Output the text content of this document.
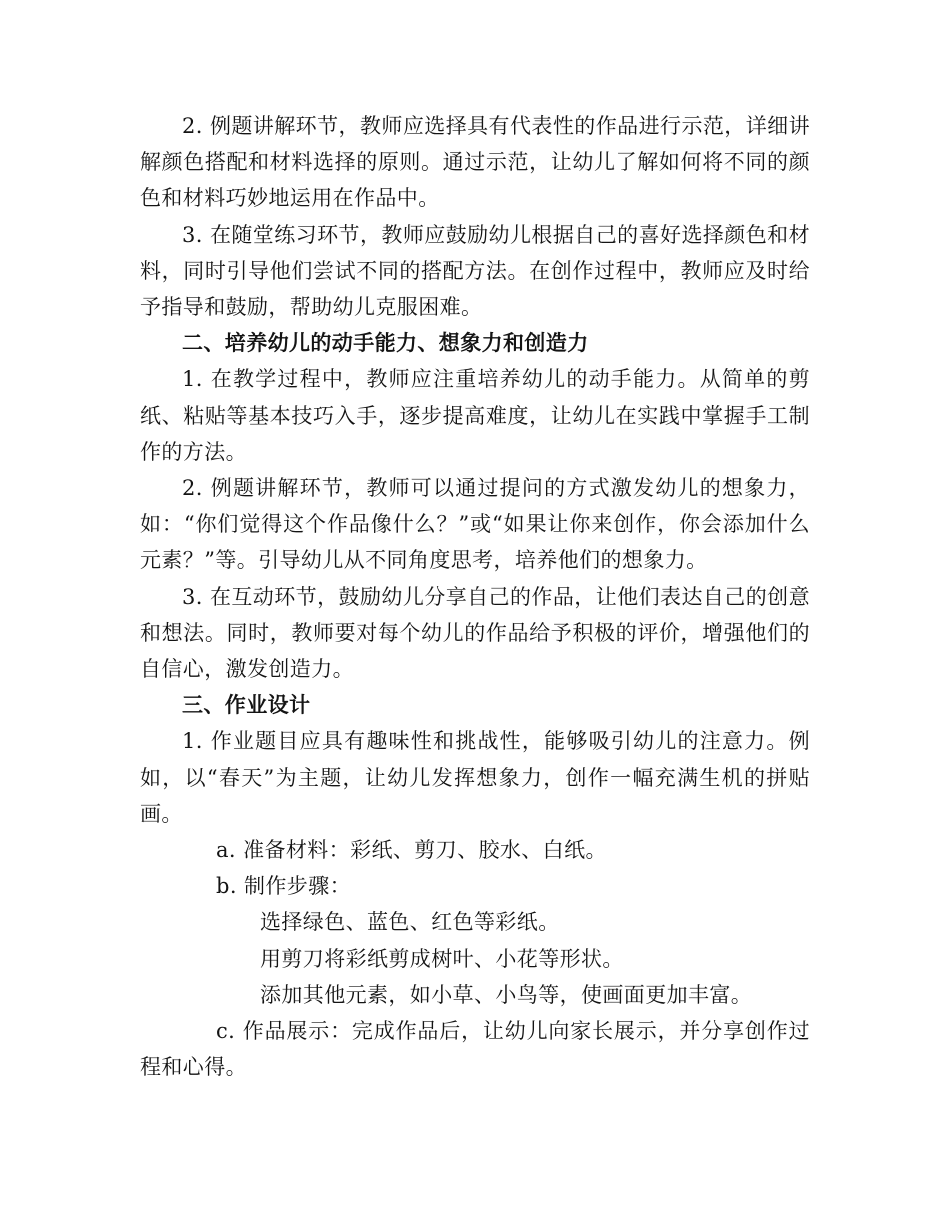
2. 例题讲解环节，教师应选择具有代表性的作品进行示范，详细讲解颜色搭配和材料选择的原则。通过示范，让幼儿了解如何将不同的颜色和材料巧妙地运用在作品中。

3. 在随堂练习环节，教师应鼓励幼儿根据自己的喜好选择颜色和材料，同时引导他们尝试不同的搭配方法。在创作过程中，教师应及时给予指导和鼓励，帮助幼儿克服困难。

二、培养幼儿的动手能力、想象力和创造力

1. 在教学过程中，教师应注重培养幼儿的动手能力。从简单的剪纸、粘贴等基本技巧入手，逐步提高难度，让幼儿在实践中掌握手工制作的方法。

2. 例题讲解环节，教师可以通过提问的方式激发幼儿的想象力，如：“你们觉得这个作品像什么？”或“如果让你来创作，你会添加什么元素？”等。引导幼儿从不同角度思考，培养他们的想象力。

3. 在互动环节，鼓励幼儿分享自己的作品，让他们表达自己的创意和想法。同时，教师要对每个幼儿的作品给予积极的评价，增强他们的自信心，激发创造力。

三、作业设计

1. 作业题目应具有趣味性和挑战性，能够吸引幼儿的注意力。例如，以“春天”为主题，让幼儿发挥想象力，创作一幅充满生机的拼贴画。

a. 准备材料：彩纸、剪刀、胶水、白纸。

b. 制作步骤：

选择绿色、蓝色、红色等彩纸。

用剪刀将彩纸剪成树叶、小花等形状。

添加其他元素，如小草、小鸟等，使画面更加丰富。

c. 作品展示：完成作品后，让幼儿向家长展示，并分享创作过程和心得。
